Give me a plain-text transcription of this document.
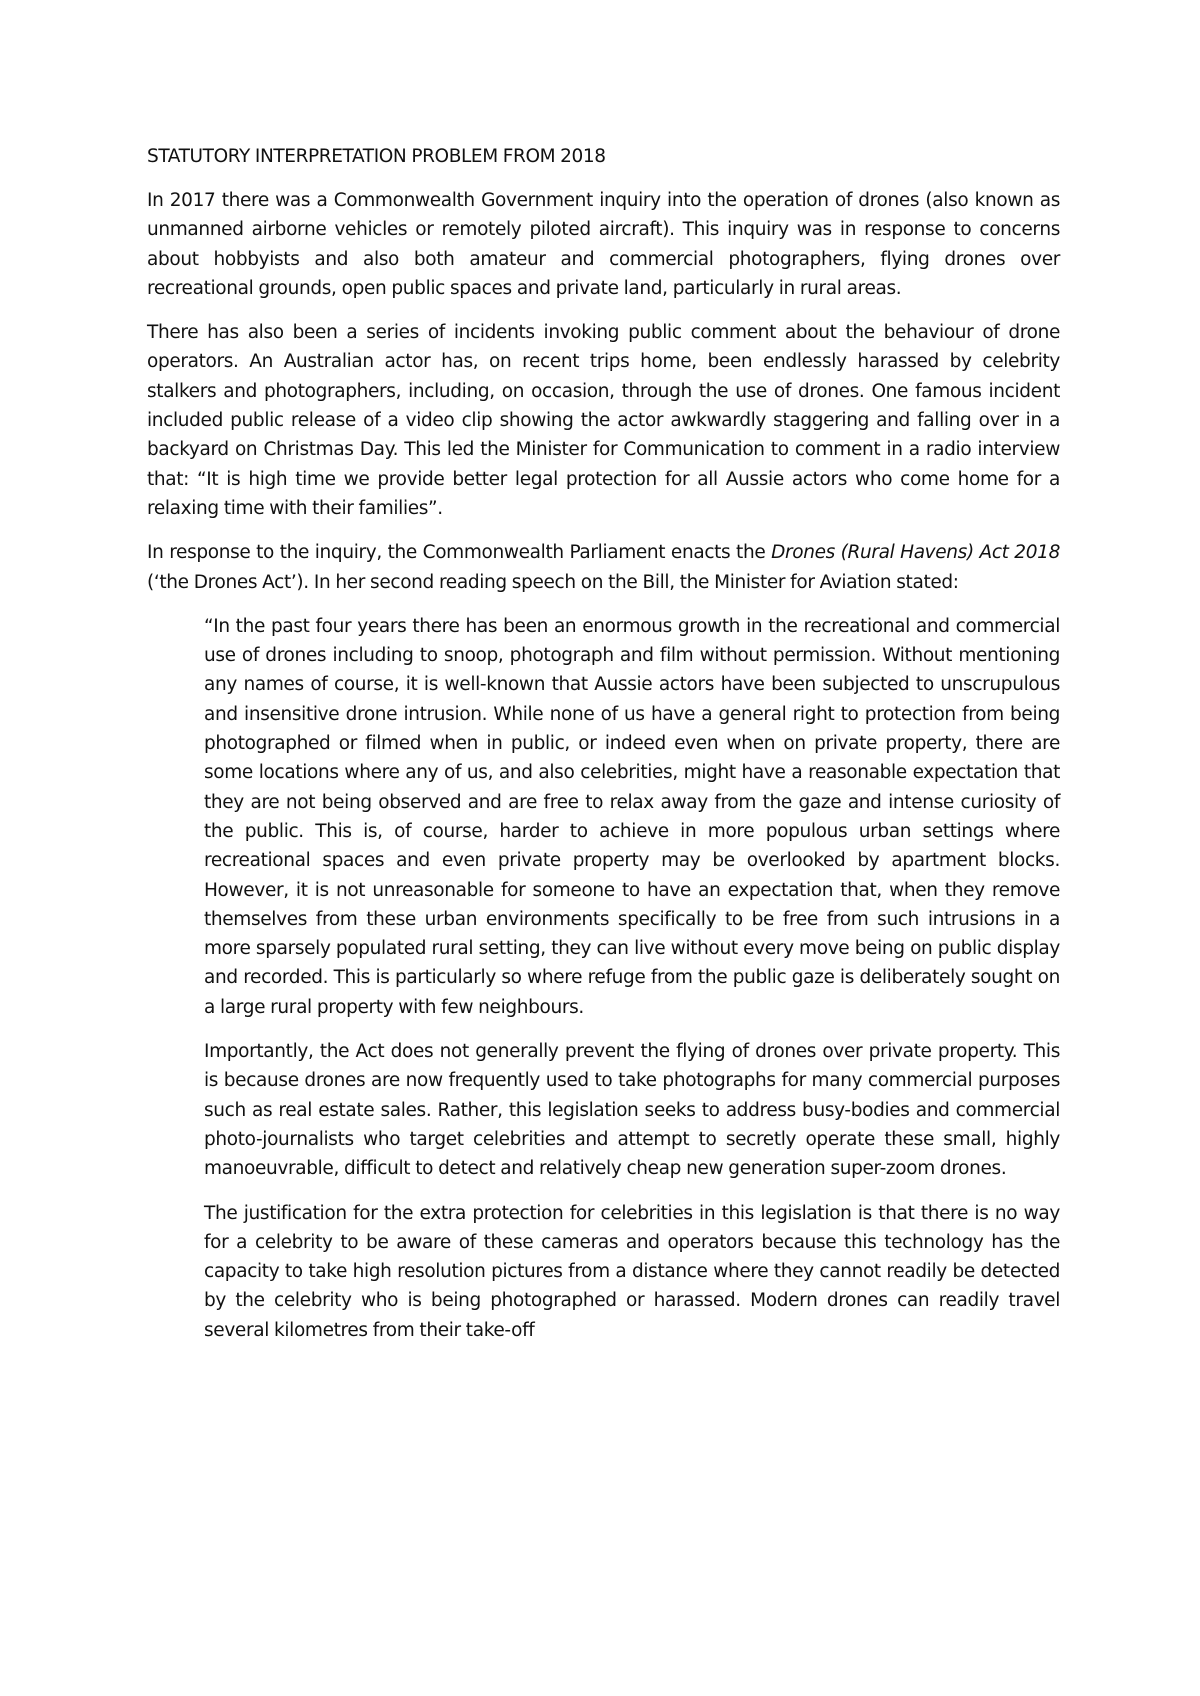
STATUTORY INTERPRETATION PROBLEM FROM 2018

In 2017 there was a Commonwealth Government inquiry into the operation of drones (also known as unmanned airborne vehicles or remotely piloted aircraft). This inquiry was in response to concerns about hobbyists and also both amateur and commercial photographers, flying drones over recreational grounds, open public spaces and private land, particularly in rural areas.

There has also been a series of incidents invoking public comment about the behaviour of drone operators. An Australian actor has, on recent trips home, been endlessly harassed by celebrity stalkers and photographers, including, on occasion, through the use of drones. One famous incident included public release of a video clip showing the actor awkwardly staggering and falling over in a backyard on Christmas Day. This led the Minister for Communication to comment in a radio interview that: “It is high time we provide better legal protection for all Aussie actors who come home for a relaxing time with their families”.

In response to the inquiry, the Commonwealth Parliament enacts the Drones (Rural Havens) Act 2018 (‘the Drones Act’). In her second reading speech on the Bill, the Minister for Aviation stated:

“In the past four years there has been an enormous growth in the recreational and commercial use of drones including to snoop, photograph and film without permission. Without mentioning any names of course, it is well-known that Aussie actors have been subjected to unscrupulous and insensitive drone intrusion. While none of us have a general right to protection from being photographed or filmed when in public, or indeed even when on private property, there are some locations where any of us, and also celebrities, might have a reasonable expectation that they are not being observed and are free to relax away from the gaze and intense curiosity of the public. This is, of course, harder to achieve in more populous urban settings where recreational spaces and even private property may be overlooked by apartment blocks. However, it is not unreasonable for someone to have an expectation that, when they remove themselves from these urban environments specifically to be free from such intrusions in a more sparsely populated rural setting, they can live without every move being on public display and recorded. This is particularly so where refuge from the public gaze is deliberately sought on a large rural property with few neighbours.

Importantly, the Act does not generally prevent the flying of drones over private property. This is because drones are now frequently used to take photographs for many commercial purposes such as real estate sales. Rather, this legislation seeks to address busy-bodies and commercial photo-journalists who target celebrities and attempt to secretly operate these small, highly manoeuvrable, difficult to detect and relatively cheap new generation super-zoom drones.

The justification for the extra protection for celebrities in this legislation is that there is no way for a celebrity to be aware of these cameras and operators because this technology has the capacity to take high resolution pictures from a distance where they cannot readily be detected by the celebrity who is being photographed or harassed. Modern drones can readily travel several kilometres from their take-off
